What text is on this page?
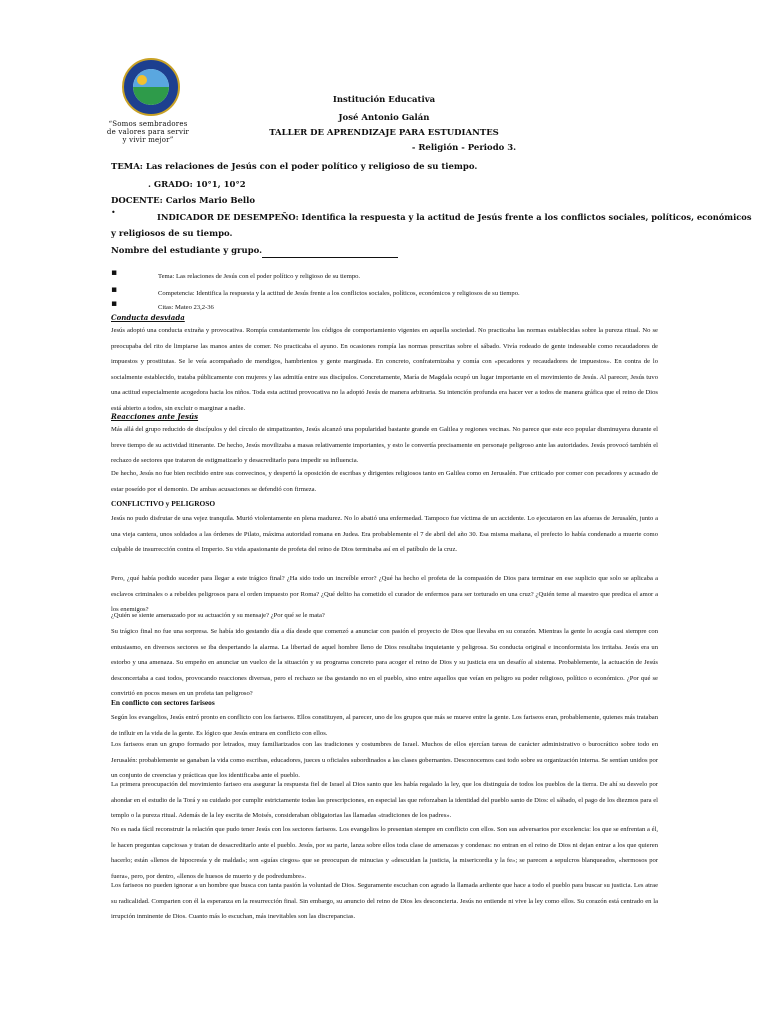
“Somos sembradores de valores para servir y vivir mejor”
Institución Educativa
José Antonio Galán
TALLER DE APRENDIZAJE PARA ESTUDIANTES
- Religión - Periodo 3.
TEMA: Las relaciones de Jesús con el poder político y religioso de su tiempo.
. GRADO: 10°1, 10°2
DOCENTE: Carlos Mario Bello
•	INDICADOR DE DESEMPEÑO: Identifica la respuesta y la actitud de Jesús frente a los conflictos sociales, políticos, económicos
y religiosos de su tiempo.
Nombre del estudiante y grupo.
▪	Tema: Las relaciones de Jesús con el poder político y religioso de su tiempo.
▪	Competencia: Identifica la respuesta y la actitud de Jesús frente a los conflictos sociales, políticos, económicos y religiosos de su tiempo.
▪	Citas: Mateo 23,2-36
Conducta desviada

Jesús adoptó una conducta extraña y provocativa. Rompía constantemente los códigos de comportamiento vigentes en aquella sociedad. No practicaba las normas establecidas sobre la pureza ritual. No se preocupaba del rito de limpiarse las manos antes de comer. No practicaba el ayuno. En ocasiones rompía las normas prescritas sobre el sábado. Vivía rodeado de gente indeseable como recaudadores de impuestos y prostitutas. Se le veía acompañado de mendigos, hambrientos y gente marginada. En concreto, confraternizaba y comía con «pecadores y recaudadores de impuestos». En contra de lo socialmente establecido, trataba públicamente con mujeres y las admitía entre sus discípulos. Concretamente, María de Magdala ocupó un lugar importante en el movimiento de Jesús. Al parecer, Jesús tuvo una actitud especialmente acogedora hacia los niños. Toda esta actitud provocativa no la adoptó Jesús de manera arbitraria. Su intención profunda era hacer ver a todos de manera gráfica que el reino de Dios está abierto a todos, sin excluir o marginar a nadie.

Reacciones ante Jesús

Más allá del grupo reducido de discípulos y del círculo de simpatizantes, Jesús alcanzó una popularidad bastante grande en Galilea y regiones vecinas. No parece que este eco popular disminuyera durante el breve tiempo de su actividad itinerante. De hecho, Jesús movilizaba a masas relativamente importantes, y esto le convertía precisamente en personaje peligroso ante las autoridades. Jesús provocó también el rechazo de sectores que trataron de estigmatizarlo y desacreditarlo para impedir su influencia.

De hecho, Jesús no fue bien recibido entre sus convecinos, y despertó la oposición de escribas y dirigentes religiosos tanto en Galilea como en Jerusalén. Fue criticado por comer con pecadores y acusado de estar poseído por el demonio. De ambas acusaciones se defendió con firmeza.

CONFLICTIVO y PELIGROSO

Jesús no pudo disfrutar de una vejez tranquila. Murió violentamente en plena madurez. No lo abatió una enfermedad. Tampoco fue víctima de un accidente. Lo ejecutaron en las afueras de Jerusalén, junto a una vieja cantera, unos soldados a las órdenes de Pilato, máxima autoridad romana en Judea. Era probablemente el 7 de abril del año 30. Esa misma mañana, el prefecto lo había condenado a muerte como culpable de insurrección contra el Imperio. Su vida apasionante de profeta del reino de Dios terminaba así en el patíbulo de la cruz.

Pero, ¿qué había podido suceder para llegar a este trágico final? ¿Ha sido todo un increíble error? ¿Qué ha hecho el profeta de la compasión de Dios para terminar en ese suplicio que solo se aplicaba a esclavos criminales o a rebeldes peligrosos para el orden impuesto por Roma? ¿Qué delito ha cometido el curador de enfermos para ser torturado en una cruz? ¿Quién teme al maestro que predica el amor a los enemigos?

¿Quién se siente amenazado por su actuación y su mensaje? ¿Por qué se le mata?

Su trágico final no fue una sorpresa. Se había ido gestando día a día desde que comenzó a anunciar con pasión el proyecto de Dios que llevaba en su corazón. Mientras la gente lo acogía casi siempre con entusiasmo, en diversos sectores se iba despertando la alarma. La libertad de aquel hombre lleno de Dios resultaba inquietante y peligrosa. Su conducta original e inconformista los irritaba. Jesús era un estorbo y una amenaza. Su empeño en anunciar un vuelco de la situación y su programa concreto para acoger el reino de Dios y su justicia era un desafío al sistema. Probablemente, la actuación de Jesús desconcertaba a casi todos, provocando reacciones diversas, pero el rechazo se iba gestando no en el pueblo, sino entre aquellos que veían en peligro su poder religioso, político o económico. ¿Por qué se convirtió en pocos meses en un profeta tan peligroso?

En conflicto con sectores fariseos

Según los evangelios, Jesús entró pronto en conflicto con los fariseos. Ellos constituyen, al parecer, uno de los grupos que más se mueve entre la gente. Los fariseos eran, probablemente, quienes más trataban de influir en la vida de la gente. Es lógico que Jesús entrara en conflicto con ellos.

Los fariseos eran un grupo formado por letrados, muy familiarizados con las tradiciones y costumbres de Israel. Muchos de ellos ejercían tareas de carácter administrativo o burocrático sobre todo en Jerusalén: probablemente se ganaban la vida como escribas, educadores, jueces u oficiales subordinados a las clases gobernantes. Desconocemos casi todo sobre su organización interna. Se sentían unidos por un conjunto de creencias y prácticas que los identificaba ante el pueblo.

La primera preocupación del movimiento fariseo era asegurar la respuesta fiel de Israel al Dios santo que les había regalado la ley, que los distinguía de todos los pueblos de la tierra. De ahí su desvelo por ahondar en el estudio de la Torá y su cuidado por cumplir estrictamente todas las prescripciones, en especial las que reforzaban la identidad del pueblo santo de Dios: el sábado, el pago de los diezmos para el templo o la pureza ritual. Además de la ley escrita de Moisés, consideraban obligatorias las llamadas «tradiciones de los padres».

No es nada fácil reconstruir la relación que pudo tener Jesús con los sectores fariseos. Los evangelios lo presentan siempre en conflicto con ellos. Son sus adversarios por excelencia: los que se enfrentan a él, le hacen preguntas capciosas y tratan de desacreditarlo ante el pueblo. Jesús, por su parte, lanza sobre ellos toda clase de amenazas y condenas: no entran en el reino de Dios ni dejan entrar a los que quieren hacerlo; están «llenos de hipocresía y de maldad»; son «guías ciegos» que se preocupan de minucias y «descuidan la justicia, la misericordia y la fe»; se parecen a sepulcros blanqueados, «hermosos por fuera», pero, por dentro, «llenos de huesos de muerto y de podredumbre».

Los fariseos no pueden ignorar a un hombre que busca con tanta pasión la voluntad de Dios. Seguramente escuchan con agrado la llamada ardiente que hace a todo el pueblo para buscar su justicia. Les atrae su radicalidad. Comparten con él la esperanza en la resurrección final. Sin embargo, su anuncio del reino de Dios les desconcierta. Jesús no entiende ni vive la ley como ellos. Su corazón está centrado en la irrupción inminente de Dios. Cuanto más lo escuchan, más inevitables son las discrepancias.
